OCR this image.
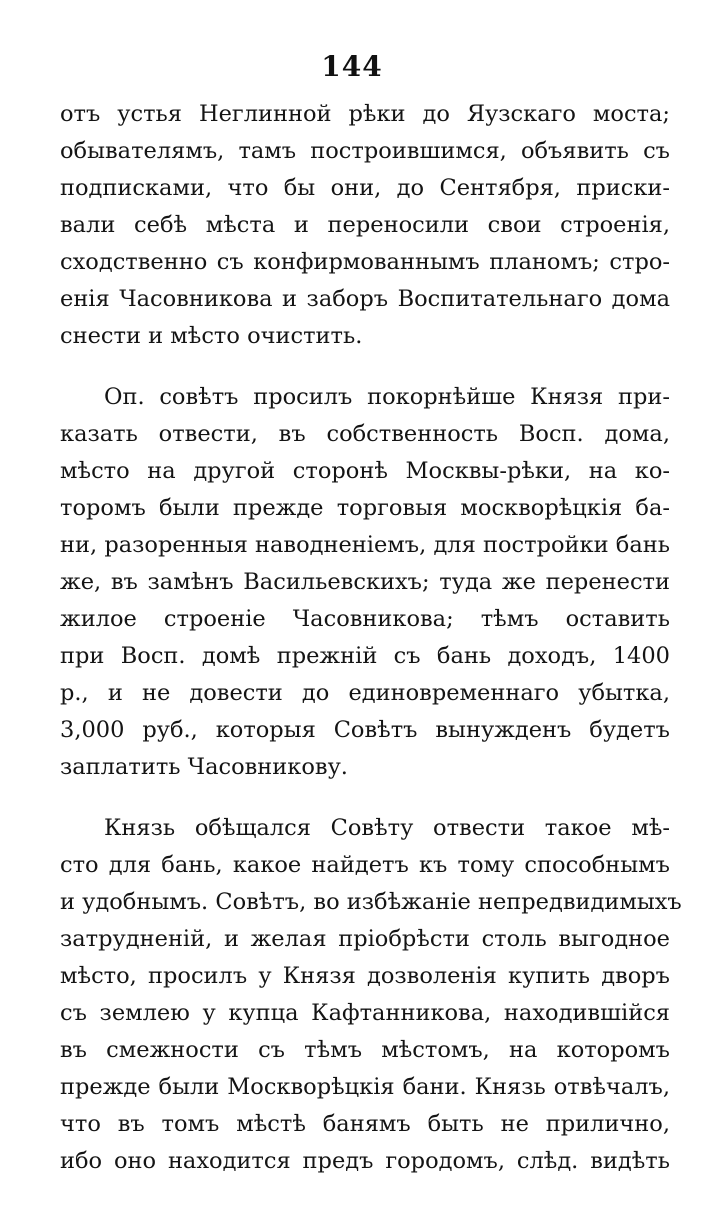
144
отъ устья Неглинной рѣки до Яузскаго моста;
обывателямъ, тамъ построившимся, объявить съ
подписками, что бы они, до Сентября, приски-
вали себѣ мѣста и переносили свои строенія,
сходственно съ конфирмованнымъ планомъ; стро-
енія Часовникова и заборъ Воспитательнаго дома
снести и мѣсто очистить.
Оп. совѣтъ просилъ покорнѣйше Князя при-
казать отвести, въ собственность Восп. дома,
мѣсто на другой сторонѣ Москвы-рѣки, на ко-
торомъ были прежде торговыя москворѣцкія ба-
ни, разоренныя наводненіемъ, для постройки бань
же, въ замѣнъ Васильевскихъ; туда же перенести
жилое строеніе Часовникова; тѣмъ оставить
при Восп. домѣ прежній съ бань доходъ, 1400
р., и не довести до единовременнаго убытка,
3,000 руб., которыя Совѣтъ вынужденъ будетъ
заплатить Часовникову.
Князь обѣщался Совѣту отвести такое мѣ-
сто для бань, какое найдетъ къ тому способнымъ
и удобнымъ. Совѣтъ, во избѣжаніе непредвидимыхъ
затрудненій, и желая пріобрѣсти столь выгодное
мѣсто, просилъ у Князя дозволенія купить дворъ
съ землею у купца Кафтанникова, находившійся
въ смежности съ тѣмъ мѣстомъ, на которомъ
прежде были Москворѣцкія бани. Князь отвѣчалъ,
что въ томъ мѣстѣ банямъ быть не прилично,
ибо оно находится предъ городомъ, слѣд. видѣть
